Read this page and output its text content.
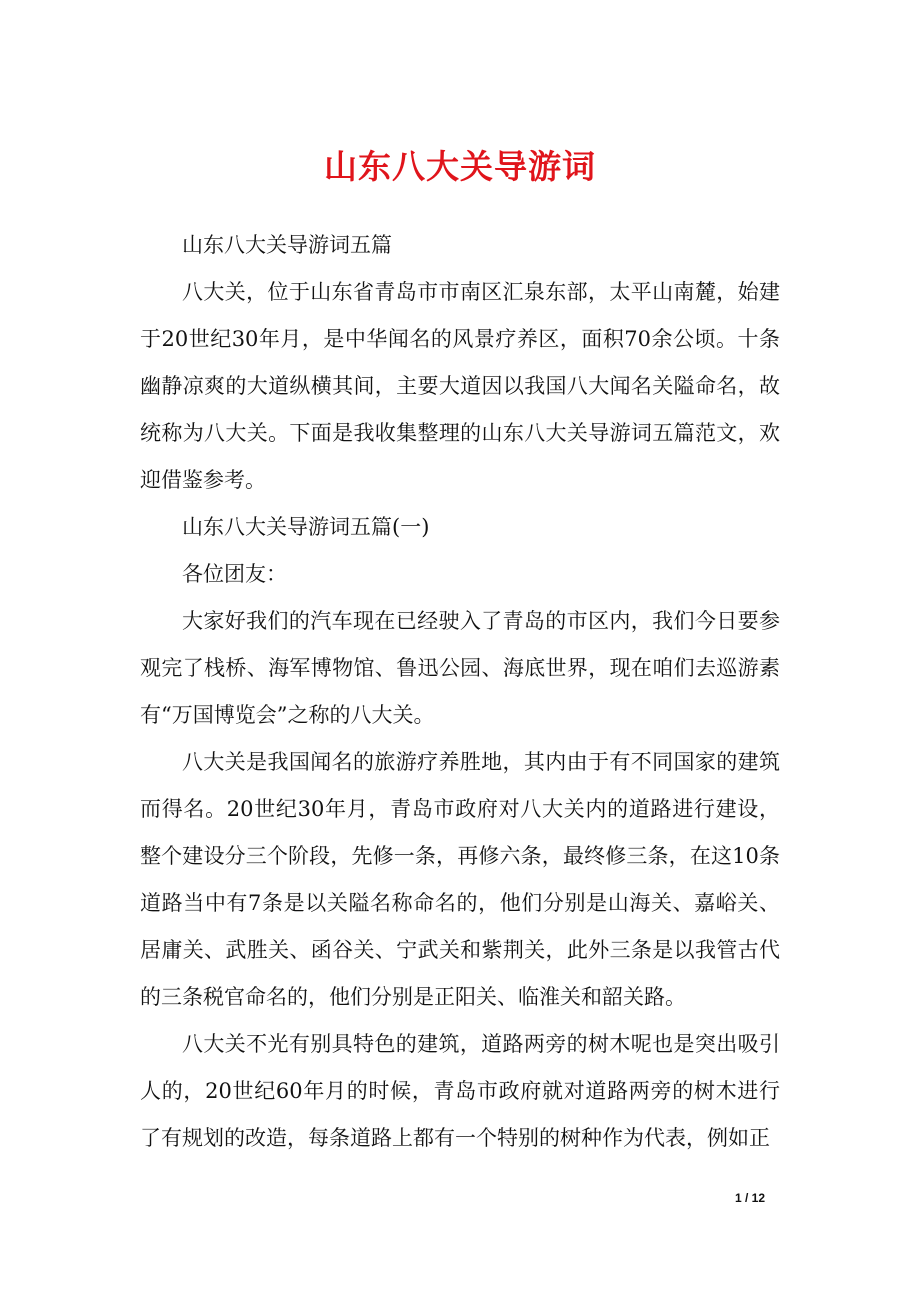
山东八大关导游词

山东八大关导游词五篇

八大关，位于山东省青岛市市南区汇泉东部，太平山南麓，始建于20世纪30年月，是中华闻名的风景疗养区，面积70余公顷。十条幽静凉爽的大道纵横其间，主要大道因以我国八大闻名关隘命名，故统称为八大关。下面是我收集整理的山东八大关导游词五篇范文，欢迎借鉴参考。

山东八大关导游词五篇(一)

各位团友：

大家好我们的汽车现在已经驶入了青岛的市区内，我们今日要参观完了栈桥、海军博物馆、鲁迅公园、海底世界，现在咱们去巡游素有“万国博览会”之称的八大关。

八大关是我国闻名的旅游疗养胜地，其内由于有不同国家的建筑而得名。20世纪30年月，青岛市政府对八大关内的道路进行建设，整个建设分三个阶段，先修一条，再修六条，最终修三条，在这10条道路当中有7条是以关隘名称命名的，他们分别是山海关、嘉峪关、居庸关、武胜关、函谷关、宁武关和紫荆关，此外三条是以我管古代的三条税官命名的，他们分别是正阳关、临淮关和韶关路。

八大关不光有别具特色的建筑，道路两旁的树木呢也是突出吸引人的，20世纪60年月的时候，青岛市政府就对道路两旁的树木进行了有规划的改造，每条道路上都有一个特别的树种作为代表，例如正

1 / 12
